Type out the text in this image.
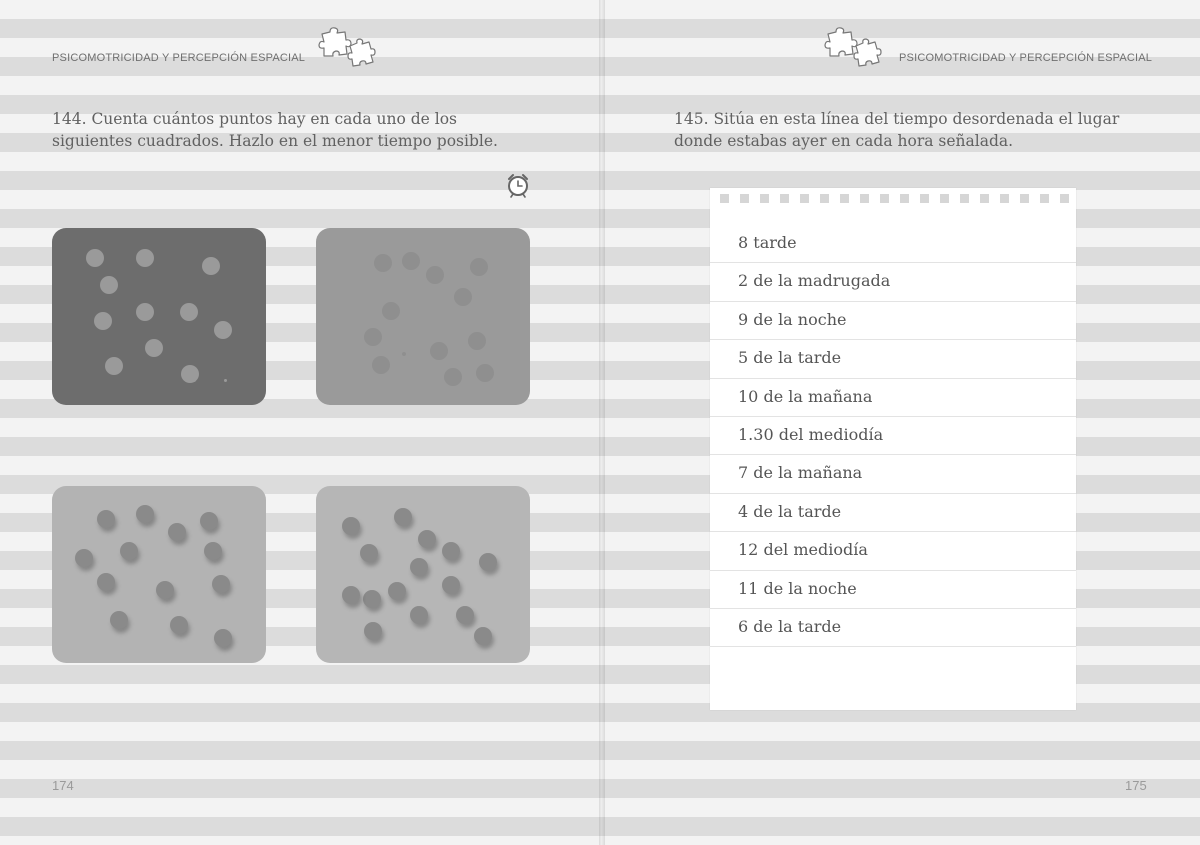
PSICOMOTRICIDAD Y PERCEPCIÓN ESPACIAL

144. Cuenta cuántos puntos hay en cada uno de los
siguientes cuadrados. Hazlo en el menor tiempo posible.

174
PSICOMOTRICIDAD Y PERCEPCIÓN ESPACIAL

145. Sitúa en esta línea del tiempo desordenada el lugar
donde estabas ayer en cada hora señalada.

8 tarde
2 de la madrugada
9 de la noche
5 de la tarde
10 de la mañana
1.30 del mediodía
7 de la mañana
4 de la tarde
12 del mediodía
11 de la noche
6 de la tarde
175
